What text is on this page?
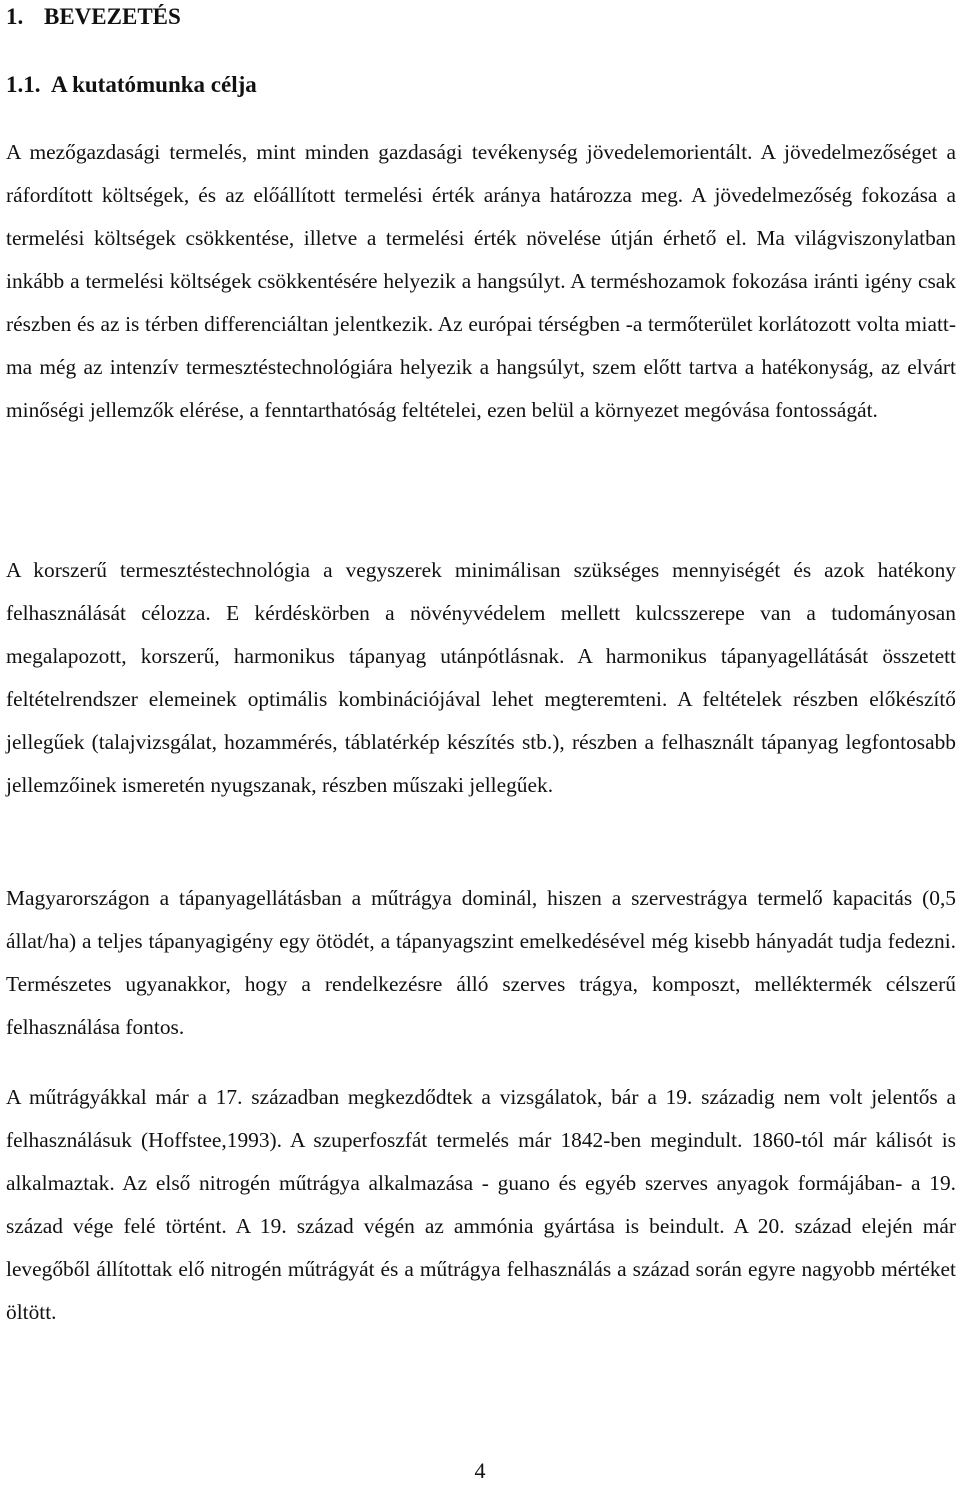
1. BEVEZETÉS
1.1. A kutatómunka célja

A mezőgazdasági termelés, mint minden gazdasági tevékenység jövedelemorientált. A jövedelmezőséget a ráfordított költségek, és az előállított termelési érték aránya határozza meg. A jövedelmezőség fokozása a termelési költségek csökkentése, illetve a termelési érték növelése útján érhető el. Ma világviszonylatban inkább a termelési költségek csökkentésére helyezik a hangsúlyt. A terméshozamok fokozása iránti igény csak részben és az is térben differenciáltan jelentkezik. Az európai térségben -a termőterület korlátozott volta miatt- ma még az intenzív termesztéstechnológiára helyezik a hangsúlyt, szem előtt tartva a hatékonyság, az elvárt minőségi jellemzők elérése, a fenntarthatóság feltételei, ezen belül a környezet megóvása fontosságát.

A korszerű termesztéstechnológia a vegyszerek minimálisan szükséges mennyiségét és azok hatékony felhasználását célozza. E kérdéskörben a növényvédelem mellett kulcsszerepe van a tudományosan megalapozott, korszerű, harmonikus tápanyag utánpótlásnak. A harmonikus tápanyagellátását összetett feltételrendszer elemeinek optimális kombinációjával lehet megteremteni. A feltételek részben előkészítő jellegűek (talajvizsgálat, hozammérés, táblatérkép készítés stb.), részben a felhasznált tápanyag legfontosabb jellemzőinek ismeretén nyugszanak, részben műszaki jellegűek.

Magyarországon a tápanyagellátásban a műtrágya dominál, hiszen a szervestrágya termelő kapacitás (0,5 állat/ha) a teljes tápanyagigény egy ötödét, a tápanyagszint emelkedésével még kisebb hányadát tudja fedezni. Természetes ugyanakkor, hogy a rendelkezésre álló szerves trágya, komposzt, melléktermék célszerű felhasználása fontos.

A műtrágyákkal már a 17. században megkezdődtek a vizsgálatok, bár a 19. századig nem volt jelentős a felhasználásuk (Hoffstee,1993). A szuperfoszfát termelés már 1842-ben megindult. 1860-tól már kálisót is alkalmaztak. Az első nitrogén műtrágya alkalmazása - guano és egyéb szerves anyagok formájában- a 19. század vége felé történt. A 19. század végén az ammónia gyártása is beindult. A 20. század elején már levegőből állítottak elő nitrogén műtrágyát és a műtrágya felhasználás a század során egyre nagyobb mértéket öltött.

4
